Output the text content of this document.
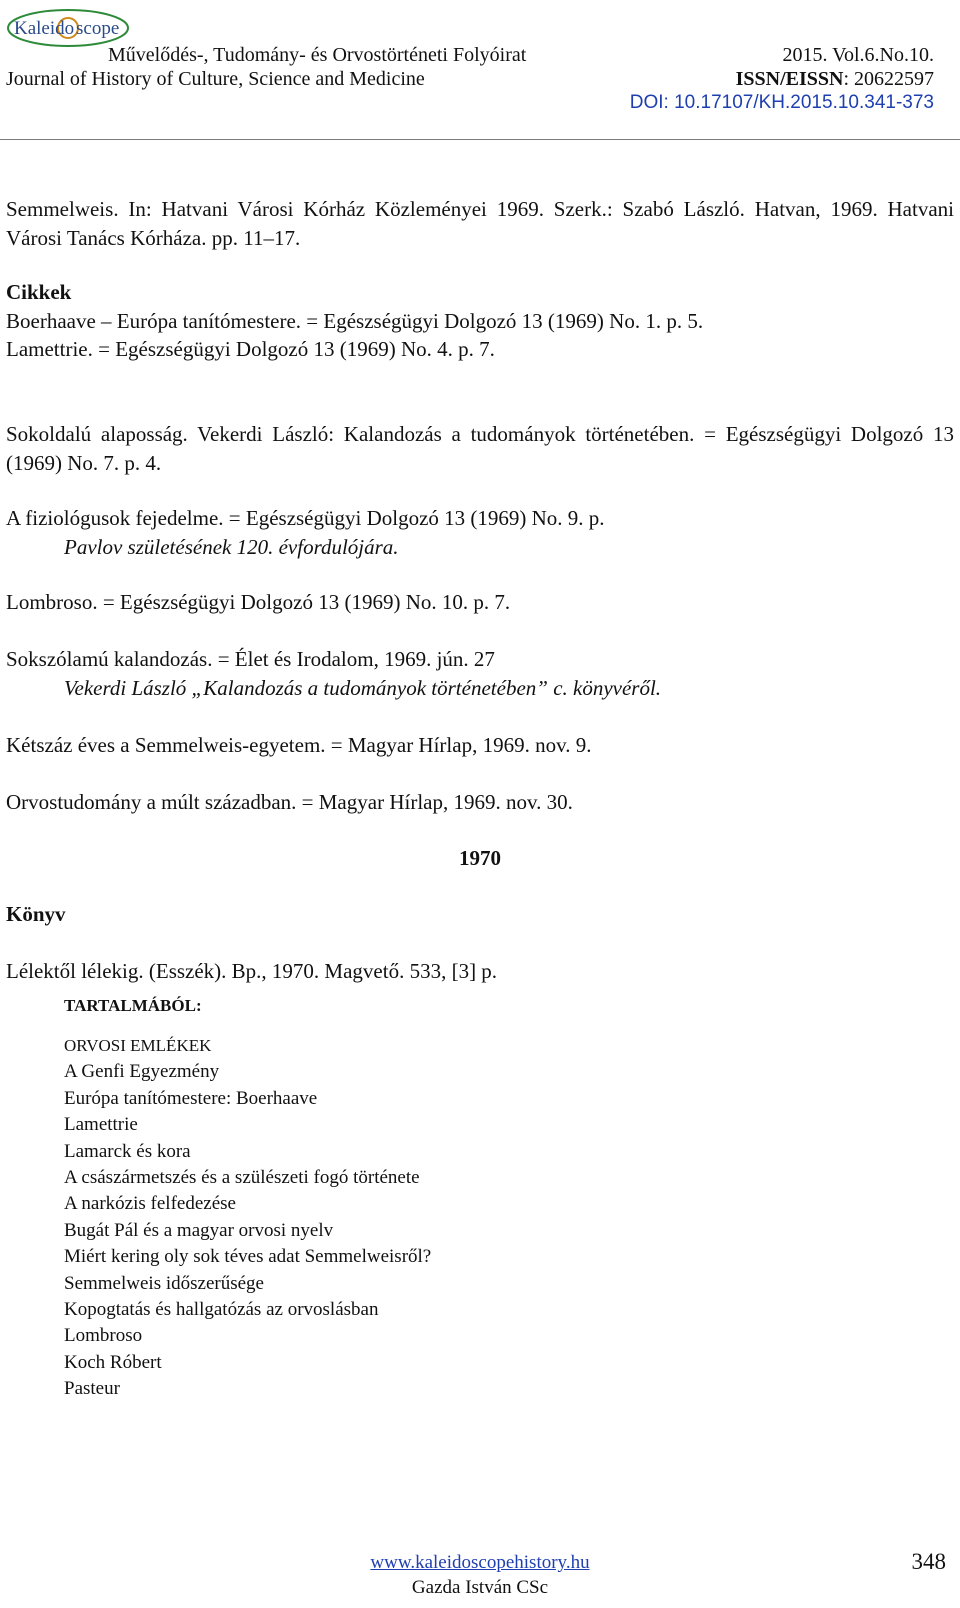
Kaleido scope
Művelődés-, Tudomány- és Orvostörténeti Folyóirat
Journal of History of Culture, Science and Medicine
2015. Vol.6.No.10.
ISSN/EISSN: 20622597
DOI: 10.17107/KH.2015.10.341-373
Semmelweis. In: Hatvani Városi Kórház Közleményei 1969. Szerk.: Szabó László. Hatvan, 1969. Hatvani Városi Tanács Kórháza. pp. 11–17.
Cikkek
Boerhaave – Európa tanítómestere. = Egészségügyi Dolgozó 13 (1969) No. 1. p. 5.
Lamettrie. = Egészségügyi Dolgozó 13 (1969) No. 4. p. 7.
Sokoldalú alaposság. Vekerdi László: Kalandozás a tudományok történetében. = Egészségügyi Dolgozó 13 (1969) No. 7. p. 4.
A fiziológusok fejedelme. = Egészségügyi Dolgozó 13 (1969) No. 9. p.
Pavlov születésének 120. évfordulójára.
Lombroso. = Egészségügyi Dolgozó 13 (1969) No. 10. p. 7.
Sokszólamú kalandozás. = Élet és Irodalom, 1969. jún. 27
Vekerdi László „Kalandozás a tudományok történetében” c. könyvéről.
Kétszáz éves a Semmelweis-egyetem. = Magyar Hírlap, 1969. nov. 9.
Orvostudomány a múlt században. = Magyar Hírlap, 1969. nov. 30.
1970
Könyv
Lélektől lélekig. (Esszék). Bp., 1970. Magvető. 533, [3] p.
TARTALMÁBÓL:
ORVOSI EMLÉKEK
A Genfi Egyezmény
Európa tanítómestere: Boerhaave
Lamettrie
Lamarck és kora
A császármetszés és a szülészeti fogó története
A narkózis felfedezése
Bugát Pál és a magyar orvosi nyelv
Miért kering oly sok téves adat Semmelweisről?
Semmelweis időszerűsége
Kopogtatás és hallgatózás az orvoslásban
Lombroso
Koch Róbert
Pasteur
www.kaleidoscopehistory.hu
Gazda István CSc
348
